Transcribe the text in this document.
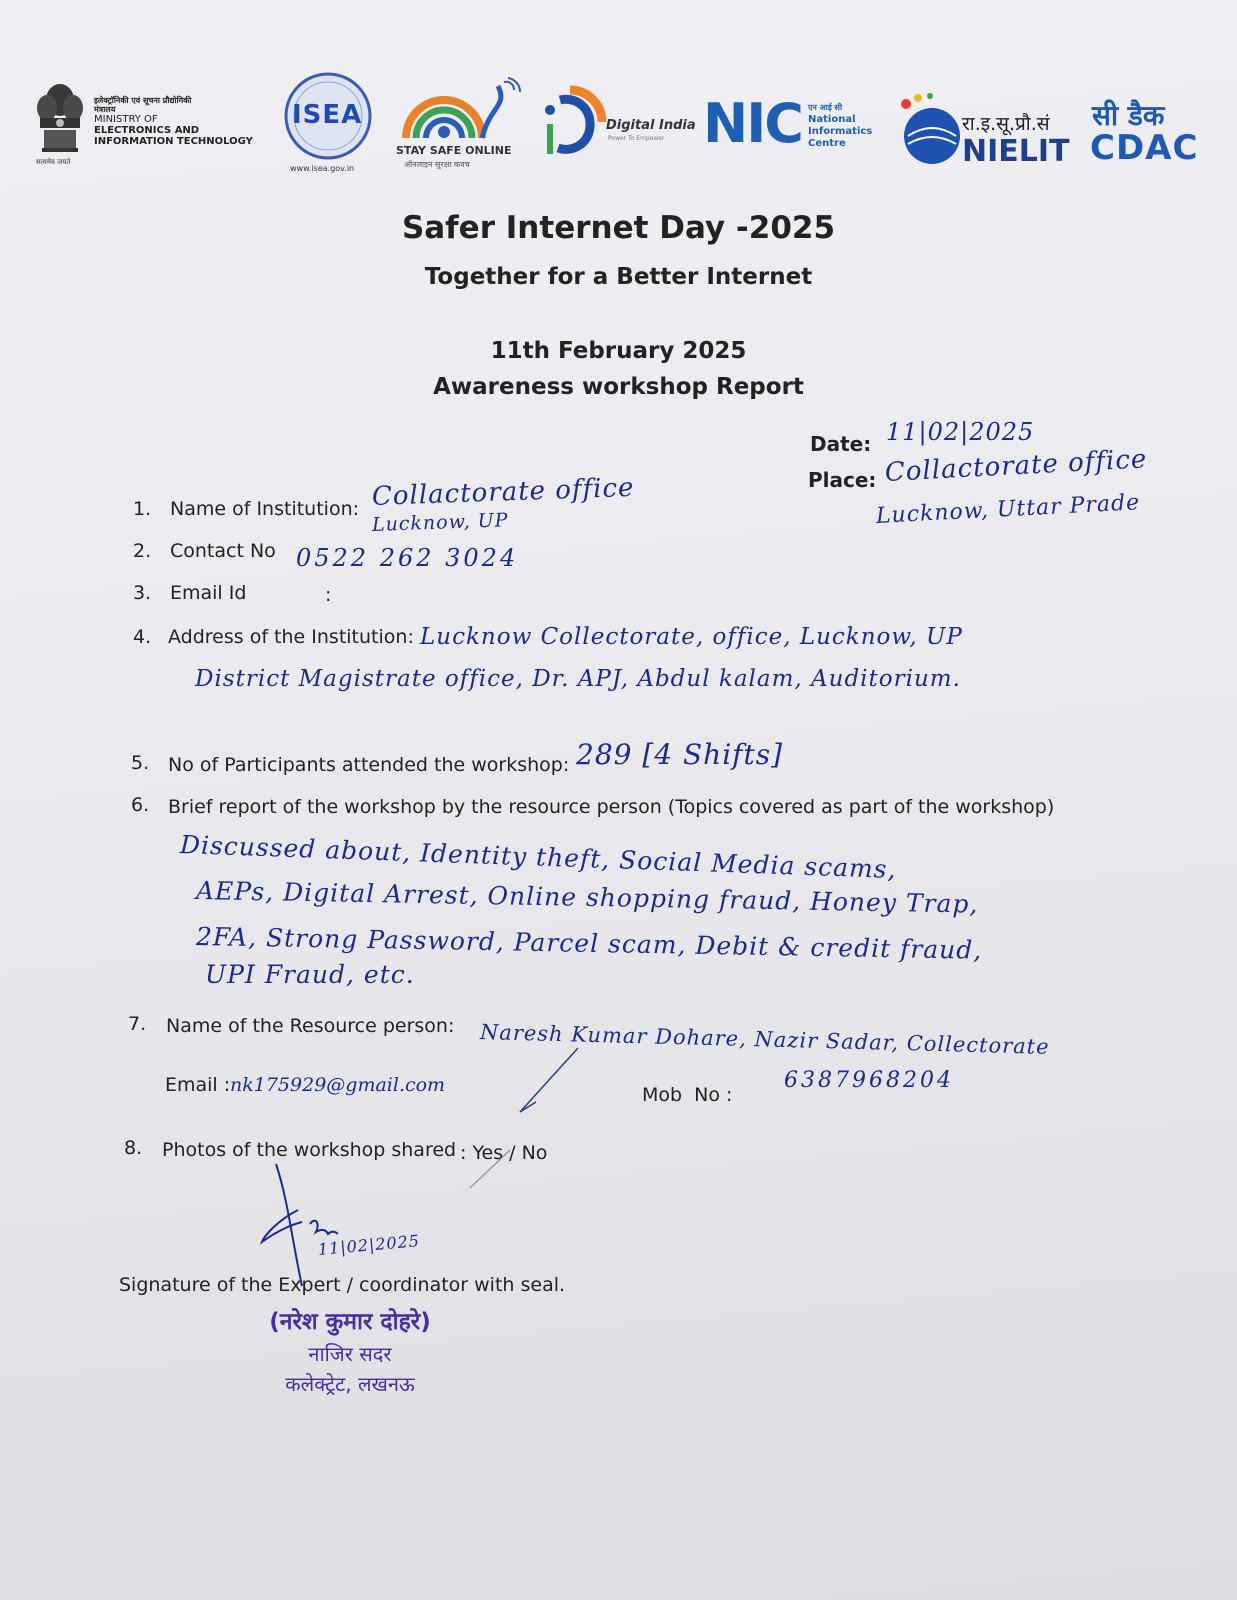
सत्यमेव जयते
इलेक्ट्रॉनिकी एवं सूचना प्रौद्योगिकी मंत्रालय
MINISTRY OF
ELECTRONICS AND
INFORMATION TECHNOLOGY
ISEA
www.isea.gov.in
STAY SAFE ONLINE
ऑनलाइन सुरक्षा कवच
Digital India
Power To Empower NIC एन आई सी
National
Informatics
Centre
रा.इ.सू.प्रौ.सं
NIELIT
सी डैक
CDAC
Safer Internet Day -2025
Together for a Better Internet
11th February 2025
Awareness workshop Report
Date: 11|02|2025
Place: Collactorate office
Lucknow, Uttar Prade
1. Name of Institution: Collactorate office
Lucknow, UP
2. Contact No 0522 262 3024
3. Email Id	:
4. Address of the Institution: Lucknow Collectorate, office, Lucknow, UP
District Magistrate office, Dr. APJ, Abdul kalam, Auditorium.
5. No of Participants attended the workshop: 289 [4 Shifts]
6. Brief report of the workshop by the resource person (Topics covered as part of the workshop)
Discussed about, Identity theft, Social Media scams,
AEPs, Digital Arrest, Online shopping fraud, Honey Trap,
2FA, Strong Password, Parcel scam, Debit & credit fraud,
UPI Fraud, etc.
7. Name of the Resource person: Naresh Kumar Dohare, Nazir Sadar, Collectorate
Email : nk175929@gmail.com	Mob  No :
6387968204
8. Photos of the workshop shared : Yes / No
11|02|2025
Signature of the Expert / coordinator with seal.
(नरेश कुमार दोहरे)
नाजिर सदर
कलेक्ट्रेट, लखनऊ
